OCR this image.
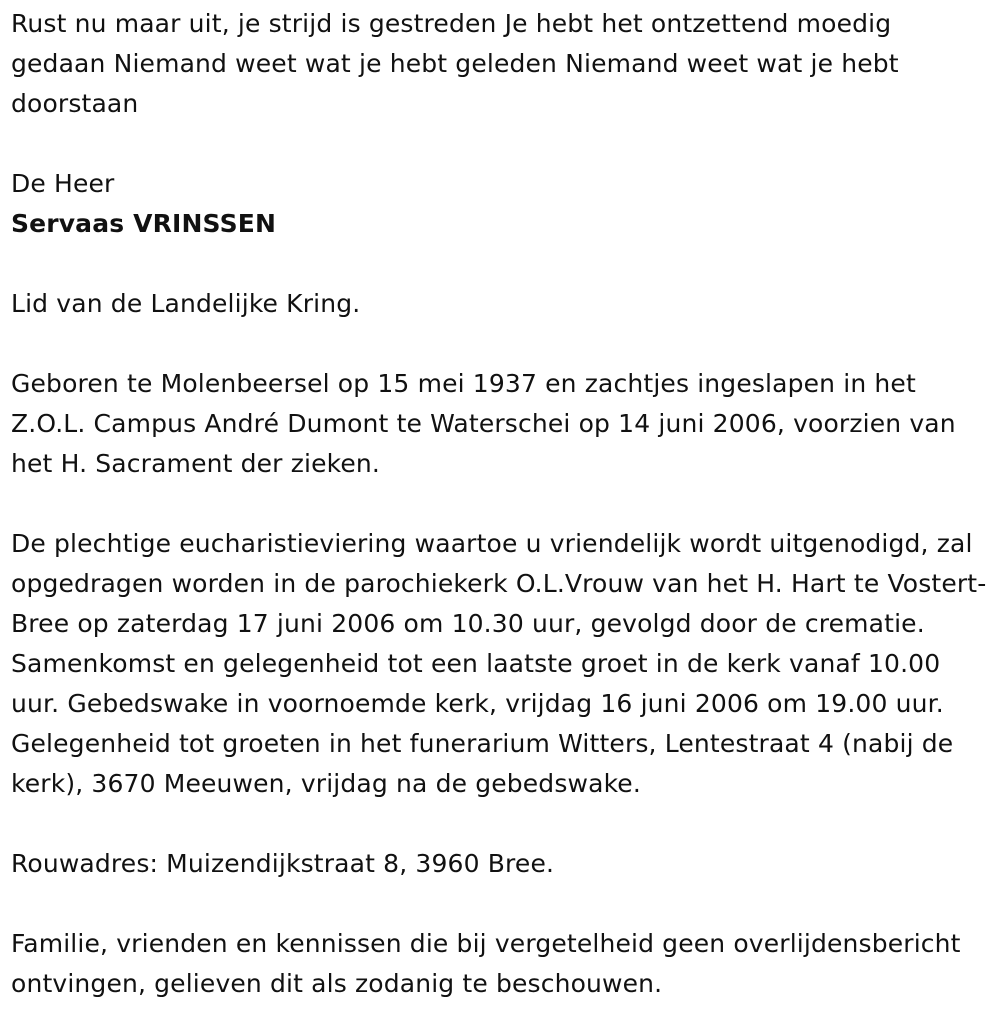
Rust nu maar uit, je strijd is gestreden Je hebt het ontzettend moedig gedaan Niemand weet wat je hebt geleden Niemand weet wat je hebt doorstaan

De Heer

Servaas VRINSSEN

Lid van de Landelijke Kring.

Geboren te Molenbeersel op 15 mei 1937 en zachtjes ingeslapen in het Z.O.L. Campus André Dumont te Waterschei op 14 juni 2006, voorzien van het H. Sacrament der zieken.

De plechtige eucharistieviering waartoe u vriendelijk wordt uitgenodigd, zal opgedragen worden in de parochiekerk O.L.Vrouw van het H. Hart te Vostert-Bree op zaterdag 17 juni 2006 om 10.30 uur, gevolgd door de crematie. Samenkomst en gelegenheid tot een laatste groet in de kerk vanaf 10.00 uur. Gebedswake in voornoemde kerk, vrijdag 16 juni 2006 om 19.00 uur. Gelegenheid tot groeten in het funerarium Witters, Lentestraat 4 (nabij de kerk), 3670 Meeuwen, vrijdag na de gebedswake.

Rouwadres: Muizendijkstraat 8, 3960 Bree.

Familie, vrienden en kennissen die bij vergetelheid geen overlijdensbericht ontvingen, gelieven dit als zodanig te beschouwen.
